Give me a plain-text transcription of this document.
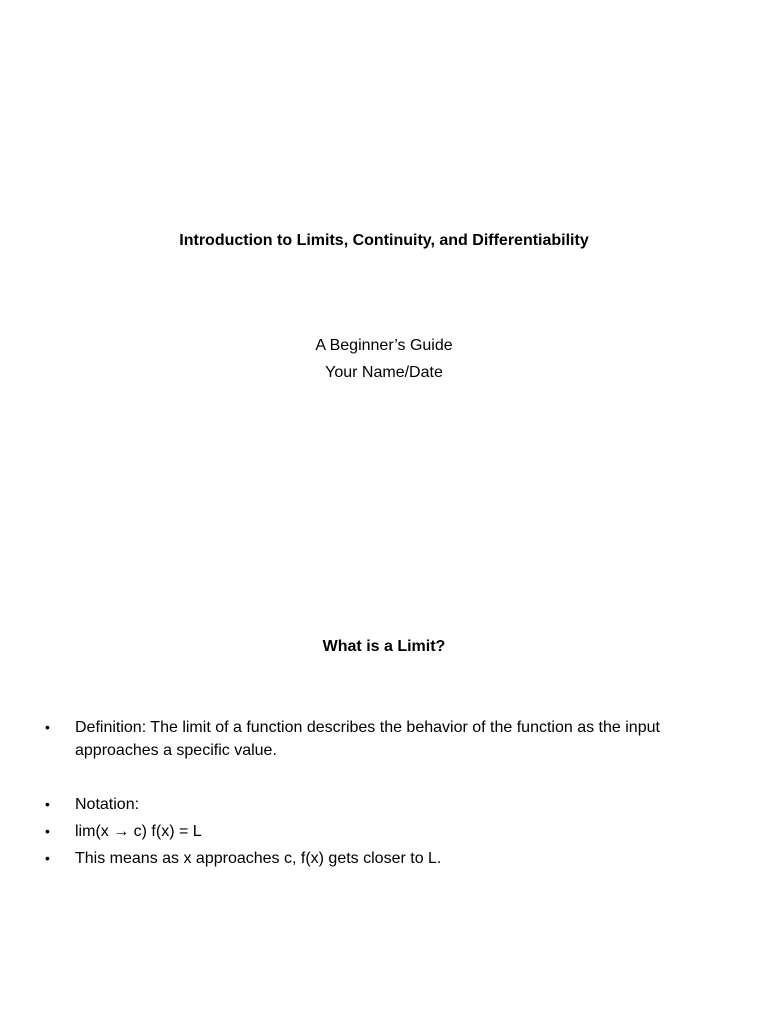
Introduction to Limits, Continuity, and Differentiability
A Beginner’s Guide
Your Name/Date
What is a Limit?
• Definition: The limit of a function describes the behavior of the function as the input approaches a specific value.
• Notation:
• lim(x → c) f(x) = L
• This means as x approaches c, f(x) gets closer to L.
